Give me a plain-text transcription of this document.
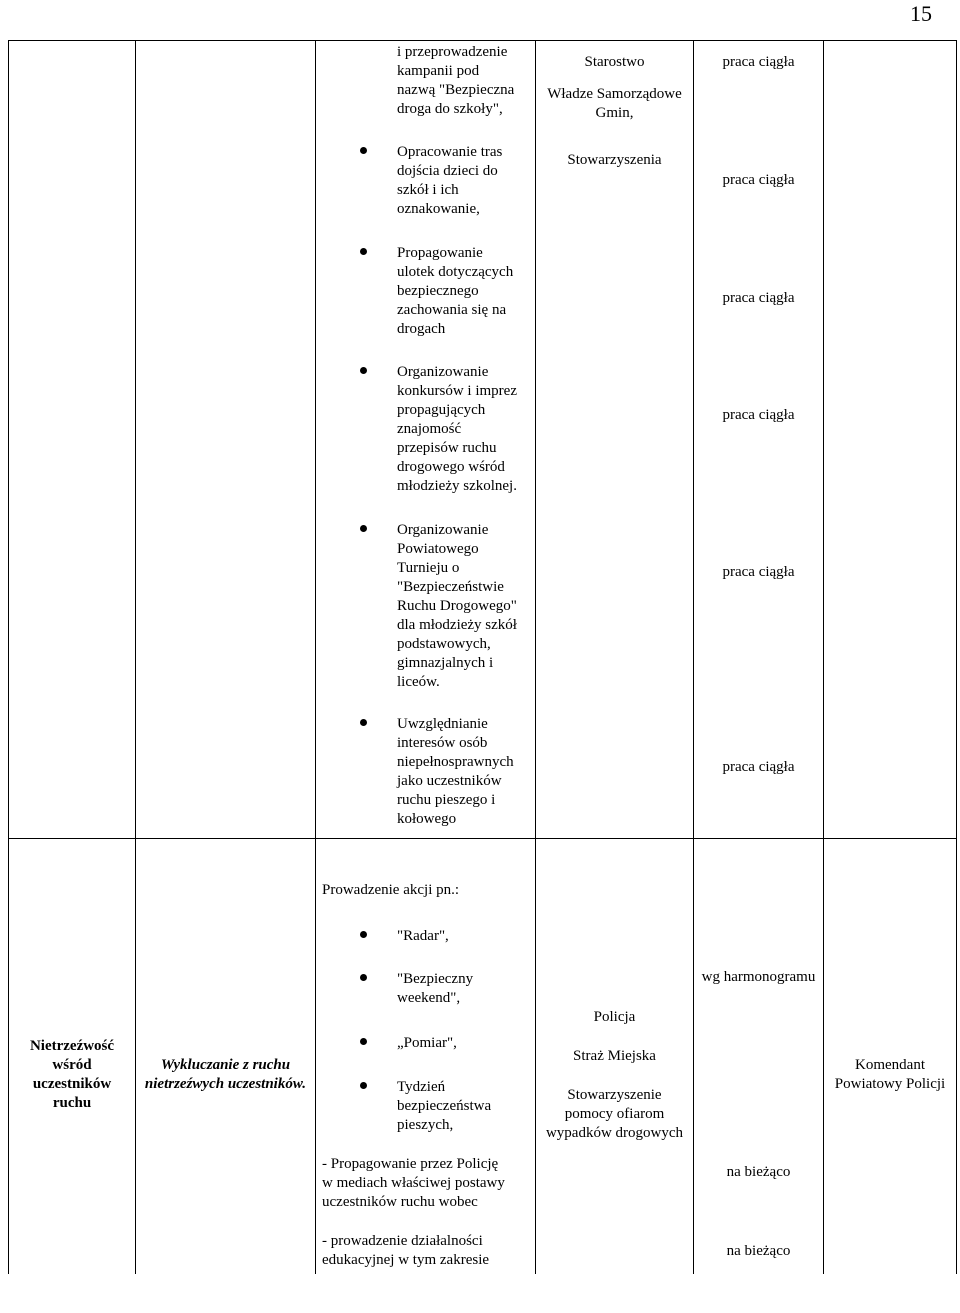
15
i przeprowadzenie
kampanii pod
nazwą "Bezpieczna
droga do szkoły",
Starostwo
Władze Samorządowe
Gmin,
praca ciągła
Opracowanie tras
dojścia dzieci do
szkół i ich
oznakowanie,
Stowarzyszenia
praca ciągła
Propagowanie
ulotek dotyczących
bezpiecznego
zachowania się na
drogach
praca ciągła
Organizowanie
konkursów i imprez
propagujących
znajomość
przepisów ruchu
drogowego wśród
młodzieży szkolnej.
praca ciągła
Organizowanie
Powiatowego
Turnieju o
"Bezpieczeństwie
Ruchu Drogowego"
dla młodzieży szkół
podstawowych,
gimnazjalnych i
liceów.
praca ciągła
Uwzględnianie
interesów osób
niepełnosprawnych
jako uczestników
ruchu pieszego i
kołowego
praca ciągła
Nietrzeźwość
wśród
uczestników
ruchu
Wykluczanie z ruchu
nietrzeźwych uczestników.
Prowadzenie akcji pn.:
"Radar",
"Bezpieczny
weekend",
„Pomiar",
Tydzień
bezpieczeństwa
pieszych,
- Propagowanie przez Policję
w mediach właściwej postawy
uczestników ruchu wobec
- prowadzenie działalności
edukacyjnej w tym zakresie
Policja
Straż Miejska
Stowarzyszenie
pomocy ofiarom
wypadków drogowych
wg harmonogramu
na bieżąco
na bieżąco
Komendant
Powiatowy Policji
